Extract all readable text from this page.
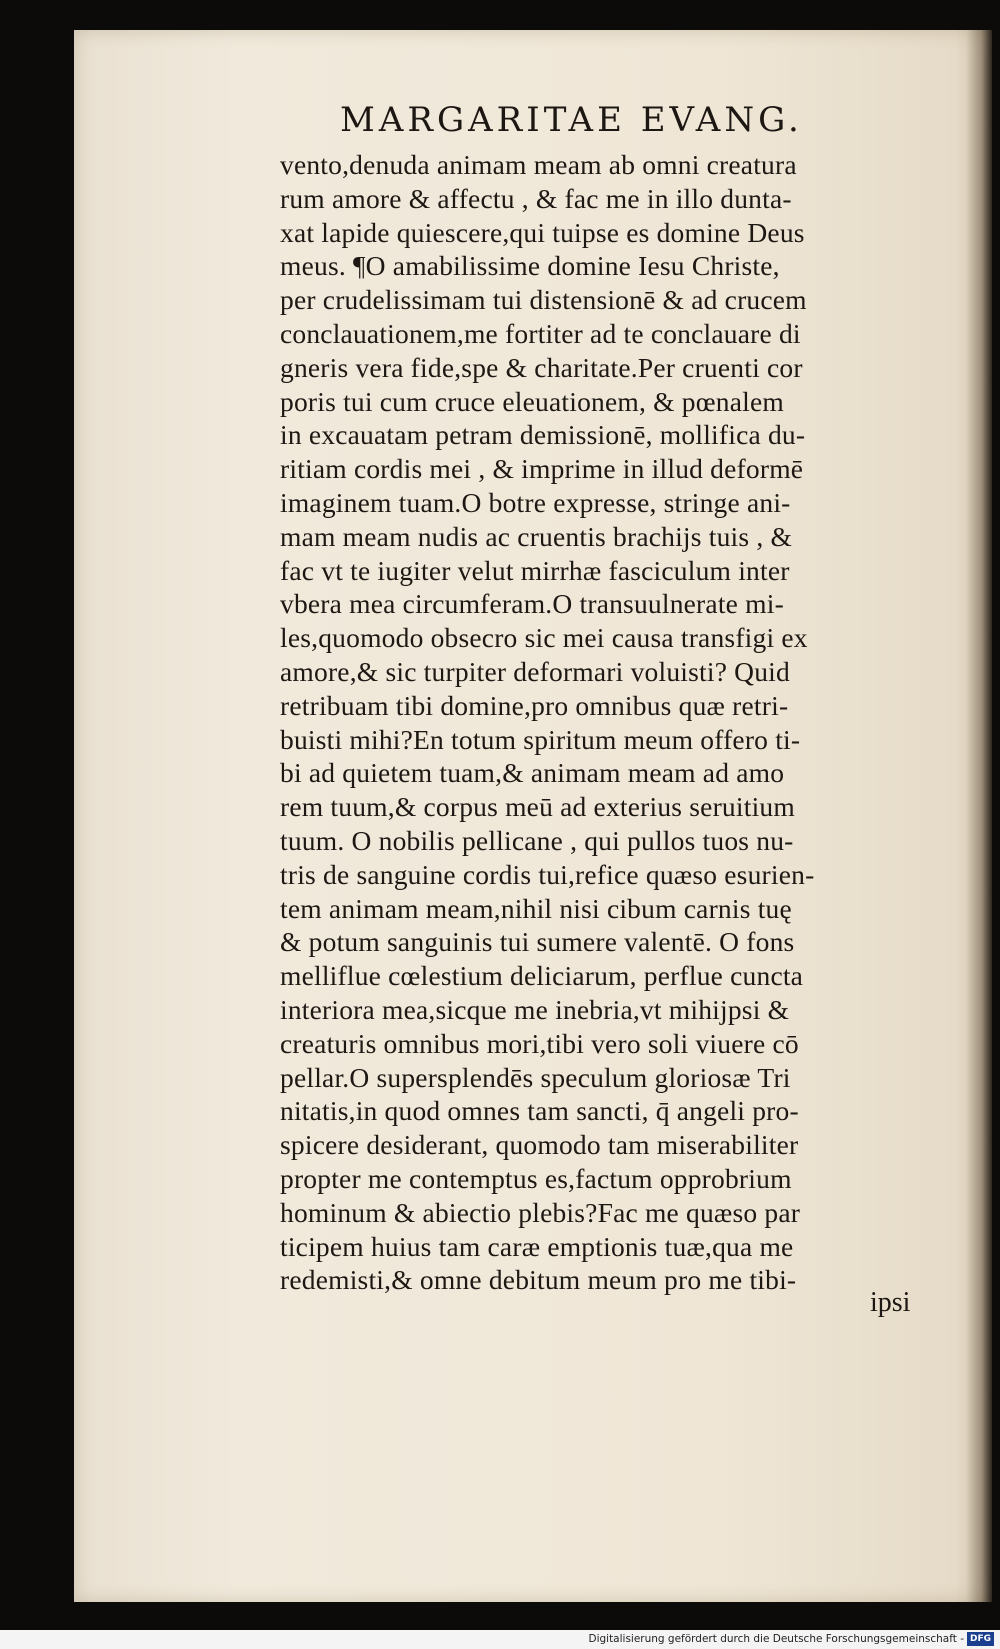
MARGARITAE EVANG.
vento,denuda animam meam ab omni creatura
rum amore & affectu , & fac me in illo dunta-
xat lapide quiescere,qui tuipse es domine Deus
meus. ¶O amabilissime domine Iesu Christe,
per crudelissimam tui distensionē & ad crucem
conclauationem,me fortiter ad te conclauare di
gneris vera fide,spe & charitate.Per cruenti cor
poris tui cum cruce eleuationem, & pœnalem
in excauatam petram demissionē, mollifica du-
ritiam cordis mei , & imprime in illud deformē
imaginem tuam.O botre expresse, stringe ani-
mam meam nudis ac cruentis brachijs tuis , &
fac vt te iugiter velut mirrhæ fasciculum inter
vbera mea circumferam.O transuulnerate mi-
les,quomodo obsecro sic mei causa transfigi ex
amore,& sic turpiter deformari voluisti? Quid
retribuam tibi domine,pro omnibus quæ retri-
buisti mihi?En totum spiritum meum offero ti-
bi ad quietem tuam,& animam meam ad amo
rem tuum,& corpus meū ad exterius seruitium
tuum. O nobilis pellicane , qui pullos tuos nu-
tris de sanguine cordis tui,refice quæso esurien-
tem animam meam,nihil nisi cibum carnis tuę
& potum sanguinis tui sumere valentē. O fons
melliflue cœlestium deliciarum, perflue cuncta
interiora mea,sicque me inebria,vt mihijpsi &
creaturis omnibus mori,tibi vero soli viuere cō
pellar.O supersplendēs speculum gloriosæ Tri
nitatis,in quod omnes tam sancti, q̄ angeli pro-
spicere desiderant, quomodo tam miserabiliter
propter me contemptus es,factum opprobrium
hominum & abiectio plebis?Fac me quæso par
ticipem huius tam caræ emptionis tuæ,qua me
redemisti,& omne debitum meum pro me tibi-
ipsi
Digitalisierung gefördert durch die Deutsche Forschungsgemeinschaft - DFG
